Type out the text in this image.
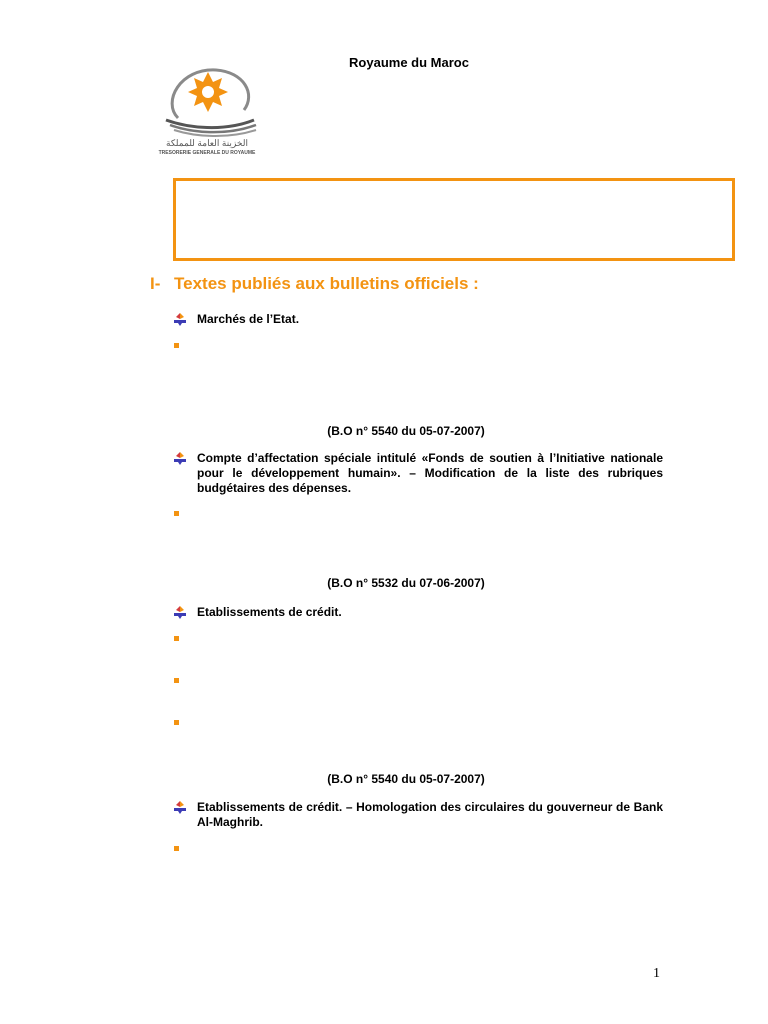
Royaume du Maroc
الخزينة العامة للمملكة
TRESORERIE GENERALE DU ROYAUME
I- Textes publiés aux bulletins officiels :
Marchés de l’Etat.
(B.O n° 5540 du 05-07-2007)
Compte d’affectation spéciale intitulé «Fonds de soutien à l’Initiative nationale pour le développement humain». – Modification de la liste des rubriques budgétaires des dépenses.
(B.O n° 5532 du 07-06-2007)
Etablissements de crédit.
(B.O n° 5540 du 05-07-2007)
Etablissements de crédit. – Homologation des circulaires du gouverneur de Bank Al-Maghrib.
1
